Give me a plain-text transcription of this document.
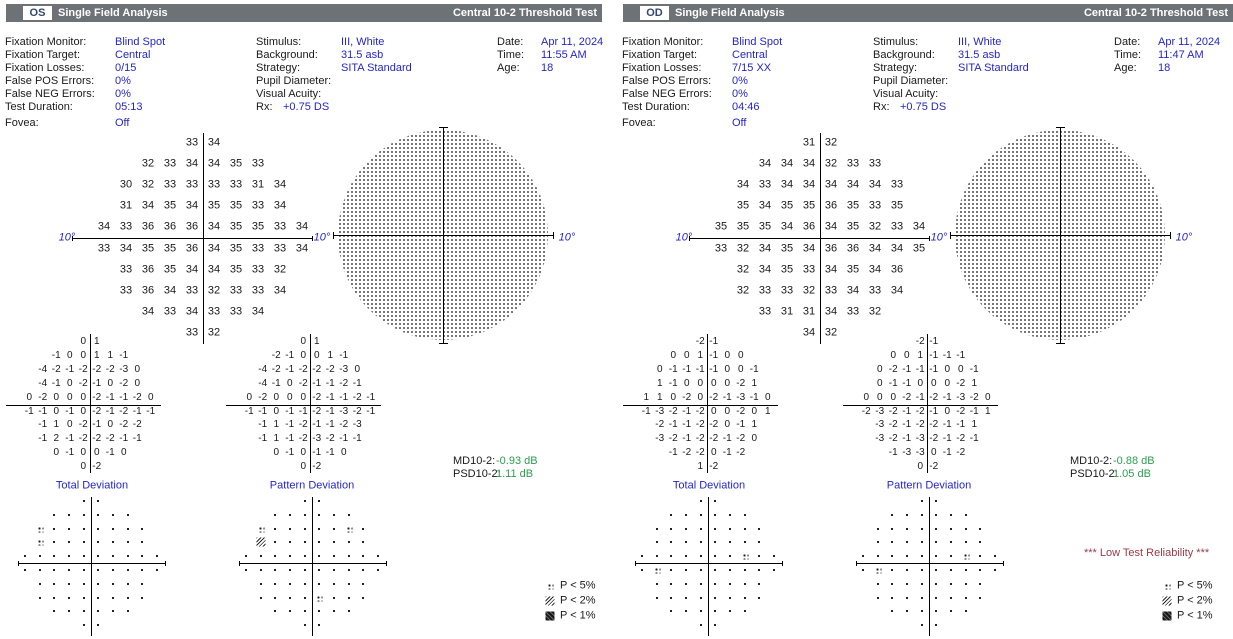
OS	Single Field Analysis	Central 10-2 Threshold Test
Fixation Monitor:	Blind Spot
Fixation Target:	Central
Fixation Losses:	0/15
False POS Errors: 0%
False NEG Errors: 0%
Test Duration:	05:13
Fovea:	Off
Stimulus:	III, White
Background: 31.5 asb
Strategy:	SITA Standard
Pupil Diameter:
Visual Acuity:
Rx: +0.75 DS
Date: Apr 11, 2024
Time: 11:55 AM
Age: 18
33 34
32 33 34 34 35 33
30 32 33 33 33 33 31 34
31 34 35 34 35 35 33 34
34 33 36 36 36 34 35 35 33 34
33 34 35 35 36 34 35 33 33 34
33 36 35 34 34 35 33 32
33 36 34 33 32 33 33 34
34 33 34 33 33 34
33 32
10°	10°	10°
0 1
-1 0 0 1 1 -1
-4 -2 -1 -2 -2 -2 -3 0
-4 -1 0 -2 -1 0 -2 0
0 -2 0 0 0 -2 -1 -1 -2 0
-1 -1 0 -1 0 -2 -1 -2 -1 -1
-1 1 0 -2 -1 0 -2 -2
-1 2 -1 -2 -2 -2 -1 -1
0 -1 0 0 -1 0
0 -2
0 1
-2 -1 0 0 1 -1
-4 -2 -1 -2 -2 -2 -3 0
-4 -1 0 -2 -1 -1 -2 -1
0 -2 0 0 0 -2 -1 -1 -2 -1
-1 -1 0 -1 -1 -2 -1 -3 -2 -1
-1 1 -1 -2 -1 -1 -2 -3
-1 1 -1 -2 -3 -2 -1 -1
0 -1 0 -1 -1 0
0 -2
Total Deviation	Pattern Deviation
MD10-2: -0.93 dB
PSD10-2:
1.11 dB
P < 5%
P < 2%
P < 1%
OD	Single Field Analysis	Central 10-2 Threshold Test
Fixation Monitor:	Blind Spot
Fixation Target:	Central
Fixation Losses:	7/15 XX
False POS Errors: 0%
False NEG Errors: 0%
Test Duration:	04:46
Fovea:	Off
Stimulus:	III, White
Background: 31.5 asb
Strategy:	SITA Standard
Pupil Diameter:
Visual Acuity:
Rx: +0.75 DS
Date: Apr 11, 2024
Time: 11:47 AM
Age: 18
31 32
34 34 34 32 33 33
34 33 34 34 34 34 34 33
35 34 35 35 36 35 33 35
35 35 35 34 36 34 35 32 33 34
33 32 34 35 34 36 36 34 34 35
32 34 35 33 34 35 34 36
32 33 33 32 33 34 33 34
33 31 31 34 33 32
34 32
10°	10°	10°
-2 -1
0 0 1 -1 0 0
0 -1 -1 -1 -1 0 0 -1
1 -1 0 0 0 0 -2 1
1 1 0 -2 0 -2 -1 -3 -1 0
-1 -3 -2 -1 -2 0 0 -2 0 1
-2 -1 -1 -2 -2 0 -1 1
-3 -2 -1 -2 -2 -1 -2 0
-1 -2 -2 0 -1 -2
1 -2
-2 -1
0 0 1 -1 -1 -1
0 -2 -1 -1 -1 0 0 -1
0 -1 -1 0 0 0 -2 1
0 0 0 -2 -1 -2 -1 -3 -2 0
-2 -3 -2 -1 -2 -1 0 -2 -1 1
-3 -2 -1 -2 -2 -1 -1 1
-3 -2 -1 -3 -2 -1 -2 -1
-1 -3 -3 0 -1 -2
0 -2
Total Deviation	Pattern Deviation
MD10-2: -0.88 dB
PSD10-2:
1.05 dB
P < 5%
P < 2%
P < 1%
*** Low Test Reliability ***
